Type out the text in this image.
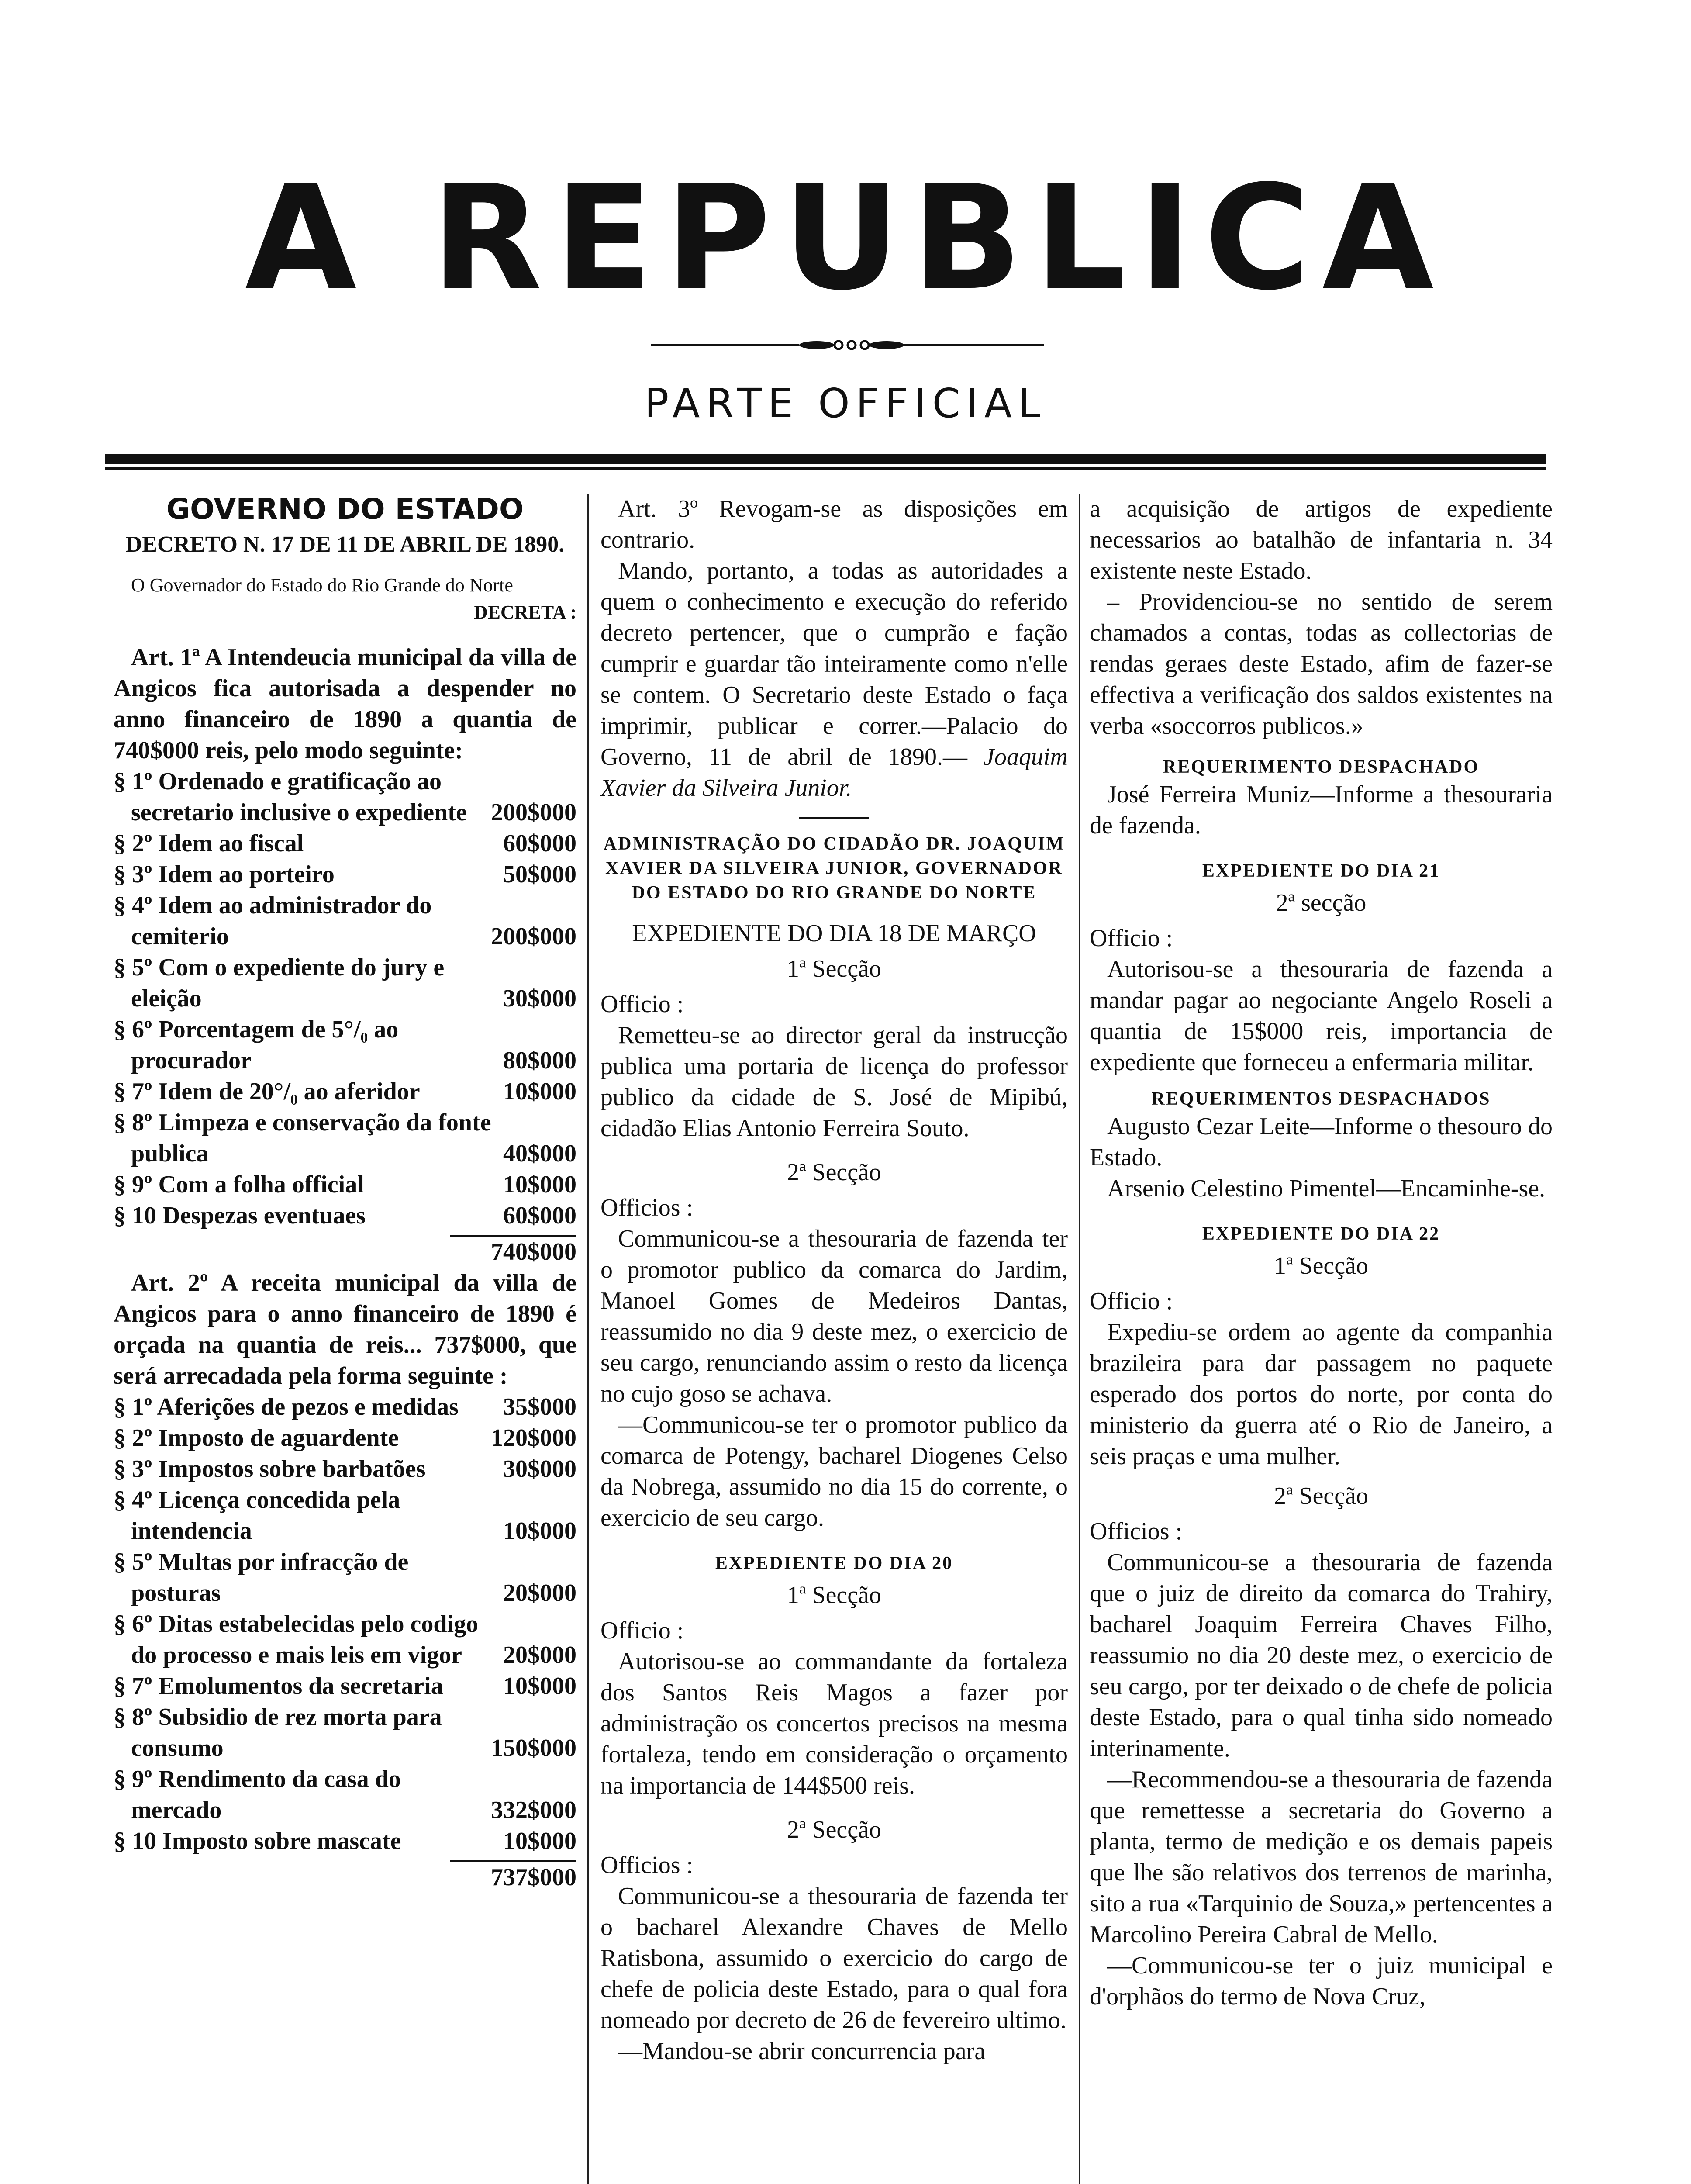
A REPUBLICA
PARTE OFFICIAL
GOVERNO DO ESTADO
DECRETO N. 17 DE 11 DE ABRIL DE 1890.

O Governador do Estado do Rio Grande do Norte

DECRETA :

Art. 1ª A Intendeucia municipal da villa de Angicos fica autorisada a despender no anno financeiro de 1890 a quantia de 740$000 reis, pelo modo seguinte:

§ 1º Ordenado e gratificação ao secretario inclusive o expediente 200$000
§ 2º Idem ao fiscal	60$000
§ 3º Idem ao porteiro	50$000
§ 4º Idem ao administrador do cemiterio	200$000
§ 5º Com o expediente do jury e eleição	30$000
§ 6º Porcentagem de 5°/₀ ao procurador	80$000
§ 7º Idem de 20°/₀ ao aferidor	10$000
§ 8º Limpeza e conservação da fonte publica	40$000
§ 9º Com a folha official	10$000
§ 10 Despezas eventuaes	60$000
740$000

Art. 2º A receita municipal da villa de Angicos para o anno financeiro de 1890 é orçada na quantia de reis... 737$000, que será arrecadada pela forma seguinte :

§ 1º Aferições de pezos e medidas	35$000
§ 2º Imposto de aguardente	120$000
§ 3º Impostos sobre barbatões	30$000
§ 4º Licença concedida pela intendencia	10$000
§ 5º Multas por infracção de posturas	20$000
§ 6º Ditas estabelecidas pelo codigo do processo e mais leis em vigor	20$000
§ 7º Emolumentos da secretaria	10$000
§ 8º Subsidio de rez morta para consumo	150$000
§ 9º Rendimento da casa do mercado	332$000
§ 10 Imposto sobre mascate	10$000
737$000

Art. 3º Revogam-se as disposições em contrario.

Mando, portanto, a todas as autoridades a quem o conhecimento e execução do referido decreto pertencer, que o cumprão e fação cumprir e guardar tão inteiramente como n'elle se contem. O Secretario deste Estado o faça imprimir, publicar e correr.—Palacio do Governo, 11 de abril de 1890.— Joaquim Xavier da Silveira Junior.

ADMINISTRAÇÃO DO CIDADÃO DR. JOAQUIM XAVIER DA SILVEIRA JUNIOR, GOVERNADOR DO ESTADO DO RIO GRANDE DO NORTE
EXPEDIENTE DO DIA 18 DE MARÇO
1ª Secção
Officio :

Remetteu-se ao director geral da instrucção publica uma portaria de licença do professor publico da cidade de S. José de Mipibú, cidadão Elias Antonio Ferreira Souto.

2ª Secção
Officios :

Communicou-se a thesouraria de fazenda ter o promotor publico da comarca do Jardim, Manoel Gomes de Medeiros Dantas, reassumido no dia 9 deste mez, o exercicio de seu cargo, renunciando assim o resto da licença no cujo goso se achava.

—Communicou-se ter o promotor publico da comarca de Potengy, bacharel Diogenes Celso da Nobrega, assumido no dia 15 do corrente, o exercicio de seu cargo.

EXPEDIENTE DO DIA 20
1ª Secção
Officio :

Autorisou-se ao commandante da fortaleza dos Santos Reis Magos a fazer por administração os concertos precisos na mesma fortaleza, tendo em consideração o orçamento na importancia de 144$500 reis.

2ª Secção
Officios :

Communicou-se a thesouraria de fazenda ter o bacharel Alexandre Chaves de Mello Ratisbona, assumido o exercicio do cargo de chefe de policia deste Estado, para o qual fora nomeado por decreto de 26 de fevereiro ultimo.

—Mandou-se abrir concurrencia para

a acquisição de artigos de expediente necessarios ao batalhão de infantaria n. 34 existente neste Estado.

– Providenciou-se no sentido de serem chamados a contas, todas as collectorias de rendas geraes deste Estado, afim de fazer-se effectiva a verificação dos saldos existentes na verba «soccorros publicos.»

REQUERIMENTO DESPACHADO

José Ferreira Muniz—Informe a thesouraria de fazenda.

EXPEDIENTE DO DIA 21
2ª secção
Officio :

Autorisou-se a thesouraria de fazenda a mandar pagar ao negociante Angelo Roseli a quantia de 15$000 reis, importancia de expediente que forneceu a enfermaria militar.

REQUERIMENTOS DESPACHADOS

Augusto Cezar Leite—Informe o thesouro do Estado.

Arsenio Celestino Pimentel—Encaminhe-se.

EXPEDIENTE DO DIA 22
1ª Secção
Officio :

Expediu-se ordem ao agente da companhia brazileira para dar passagem no paquete esperado dos portos do norte, por conta do ministerio da guerra até o Rio de Janeiro, a seis praças e uma mulher.

2ª Secção
Officios :

Communicou-se a thesouraria de fazenda que o juiz de direito da comarca do Trahiry, bacharel Joaquim Ferreira Chaves Filho, reassumio no dia 20 deste mez, o exercicio de seu cargo, por ter deixado o de chefe de policia deste Estado, para o qual tinha sido nomeado interinamente.

—Recommendou-se a thesouraria de fazenda que remettesse a secretaria do Governo a planta, termo de medição e os demais papeis que lhe são relativos dos terrenos de marinha, sito a rua «Tarquinio de Souza,» pertencentes a Marcolino Pereira Cabral de Mello.

—Communicou-se ter o juiz municipal e d'orphãos do termo de Nova Cruz,
